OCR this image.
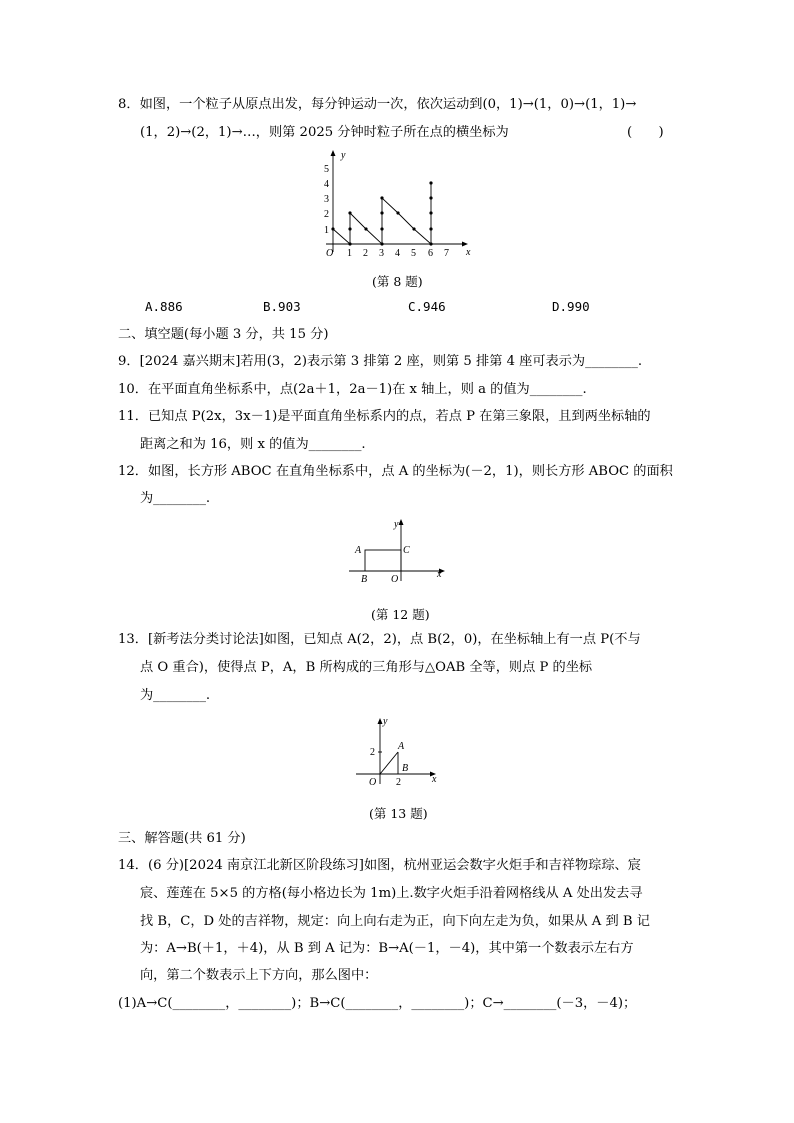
8．如图，一个粒子从原点出发，每分钟运动一次，依次运动到(0，1)→(1，0)→(1，1)→
(1，2)→(2，1)→…，则第 2025 分钟时粒子所在点的横坐标为	(　　)
y
x
O 1 2 3 4 5 6 7
1
2
3
4
5
(第 8 题)
A.886	B.903	C.946	D.990
二、填空题(每小题 3 分，共 15 分)
9．[2024 嘉兴期末]若用(3，2)表示第 3 排第 2 座，则第 5 排第 4 座可表示为________.
10．在平面直角坐标系中，点(2a＋1，2a－1)在 x 轴上，则 a 的值为________.
11．已知点 P(2x，3x－1)是平面直角坐标系内的点，若点 P 在第三象限，且到两坐标轴的
距离之和为 16，则 x 的值为________.
12．如图，长方形 ABOC 在直角坐标系中，点 A 的坐标为(－2，1)，则长方形 ABOC 的面积
为________.
A	C
B O	x
y
(第 12 题)
13．[新考法分类讨论法]如图，已知点 A(2，2)，点 B(2，0)，在坐标轴上有一点 P(不与
点 O 重合)，使得点 P，A，B 所构成的三角形与△OAB 全等，则点 P 的坐标
为________.
A
B
O
2
2	x
y
(第 13 题)
三、解答题(共 61 分)
14．(6 分)[2024 南京江北新区阶段练习]如图，杭州亚运会数字火炬手和吉祥物琮琮、宸
宸、莲莲在 5×5 的方格(每小格边长为 1m)上.数字火炬手沿着网格线从 A 处出发去寻
找 B，C，D 处的吉祥物，规定：向上向右走为正，向下向左走为负，如果从 A 到 B 记
为：A→B(＋1，＋4)，从 B 到 A 记为：B→A(－1，－4)，其中第一个数表示左右方
向，第二个数表示上下方向，那么图中：
(1)A→C(________，________)；B→C(________，________)；C→________(－3，－4)；
